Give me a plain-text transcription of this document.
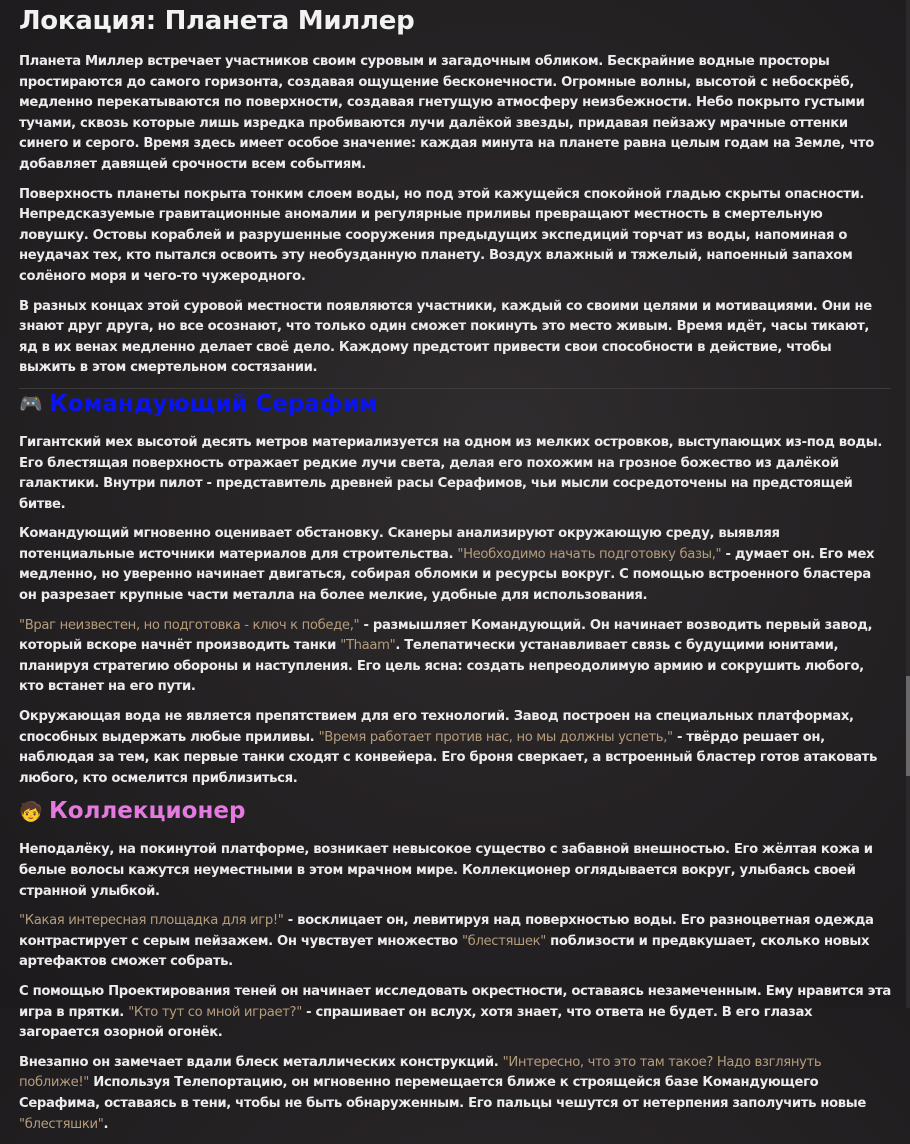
Локация: Планета Миллер

Планета Миллер встречает участников своим суровым и загадочным обликом. Бескрайние водные просторы простираются до самого горизонта, создавая ощущение бесконечности. Огромные волны, высотой с небоскрёб, медленно перекатываются по поверхности, создавая гнетущую атмосферу неизбежности. Небо покрыто густыми тучами, сквозь которые лишь изредка пробиваются лучи далёкой звезды, придавая пейзажу мрачные оттенки синего и серого. Время здесь имеет особое значение: каждая минута на планете равна целым годам на Земле, что добавляет давящей срочности всем событиям.

Поверхность планеты покрыта тонким слоем воды, но под этой кажущейся спокойной гладью скрыты опасности. Непредсказуемые гравитационные аномалии и регулярные приливы превращают местность в смертельную ловушку. Остовы кораблей и разрушенные сооружения предыдущих экспедиций торчат из воды, напоминая о неудачах тех, кто пытался освоить эту необузданную планету. Воздух влажный и тяжелый, напоенный запахом солёного моря и чего-то чужеродного.

В разных концах этой суровой местности появляются участники, каждый со своими целями и мотивациями. Они не знают друг друга, но все осознают, что только один сможет покинуть это место живым. Время идёт, часы тикают, яд в их венах медленно делает своё дело. Каждому предстоит привести свои способности в действие, чтобы выжить в этом смертельном состязании.

🎮 Командующий Серафим

Гигантский мех высотой десять метров материализуется на одном из мелких островков, выступающих из-под воды. Его блестящая поверхность отражает редкие лучи света, делая его похожим на грозное божество из далёкой галактики. Внутри пилот - представитель древней расы Серафимов, чьи мысли сосредоточены на предстоящей битве.

Командующий мгновенно оценивает обстановку. Сканеры анализируют окружающую среду, выявляя потенциальные источники материалов для строительства. "Необходимо начать подготовку базы," - думает он. Его мех медленно, но уверенно начинает двигаться, собирая обломки и ресурсы вокруг. С помощью встроенного бластера он разрезает крупные части металла на более мелкие, удобные для использования.

"Враг неизвестен, но подготовка - ключ к победе," - размышляет Командующий. Он начинает возводить первый завод, который вскоре начнёт производить танки "Thaam". Телепатически устанавливает связь с будущими юнитами, планируя стратегию обороны и наступления. Его цель ясна: создать непреодолимую армию и сокрушить любого, кто встанет на его пути.

Окружающая вода не является препятствием для его технологий. Завод построен на специальных платформах, способных выдержать любые приливы. "Время работает против нас, но мы должны успеть," - твёрдо решает он, наблюдая за тем, как первые танки сходят с конвейера. Его броня сверкает, а встроенный бластер готов атаковать любого, кто осмелится приблизиться.

🧒 Коллекционер

Неподалёку, на покинутой платформе, возникает невысокое существо с забавной внешностью. Его жёлтая кожа и белые волосы кажутся неуместными в этом мрачном мире. Коллекционер оглядывается вокруг, улыбаясь своей странной улыбкой.

"Какая интересная площадка для игр!" - восклицает он, левитируя над поверхностью воды. Его разноцветная одежда контрастирует с серым пейзажем. Он чувствует множество "блестяшек" поблизости и предвкушает, сколько новых артефактов сможет собрать.

С помощью Проектирования теней он начинает исследовать окрестности, оставаясь незамеченным. Ему нравится эта игра в прятки. "Кто тут со мной играет?" - спрашивает он вслух, хотя знает, что ответа не будет. В его глазах загорается озорной огонёк.

Внезапно он замечает вдали блеск металлических конструкций. "Интересно, что это там такое? Надо взглянуть поближе!" Используя Телепортацию, он мгновенно перемещается ближе к строящейся базе Командующего Серафима, оставаясь в тени, чтобы не быть обнаруженным. Его пальцы чешутся от нетерпения заполучить новые "блестяшки".
